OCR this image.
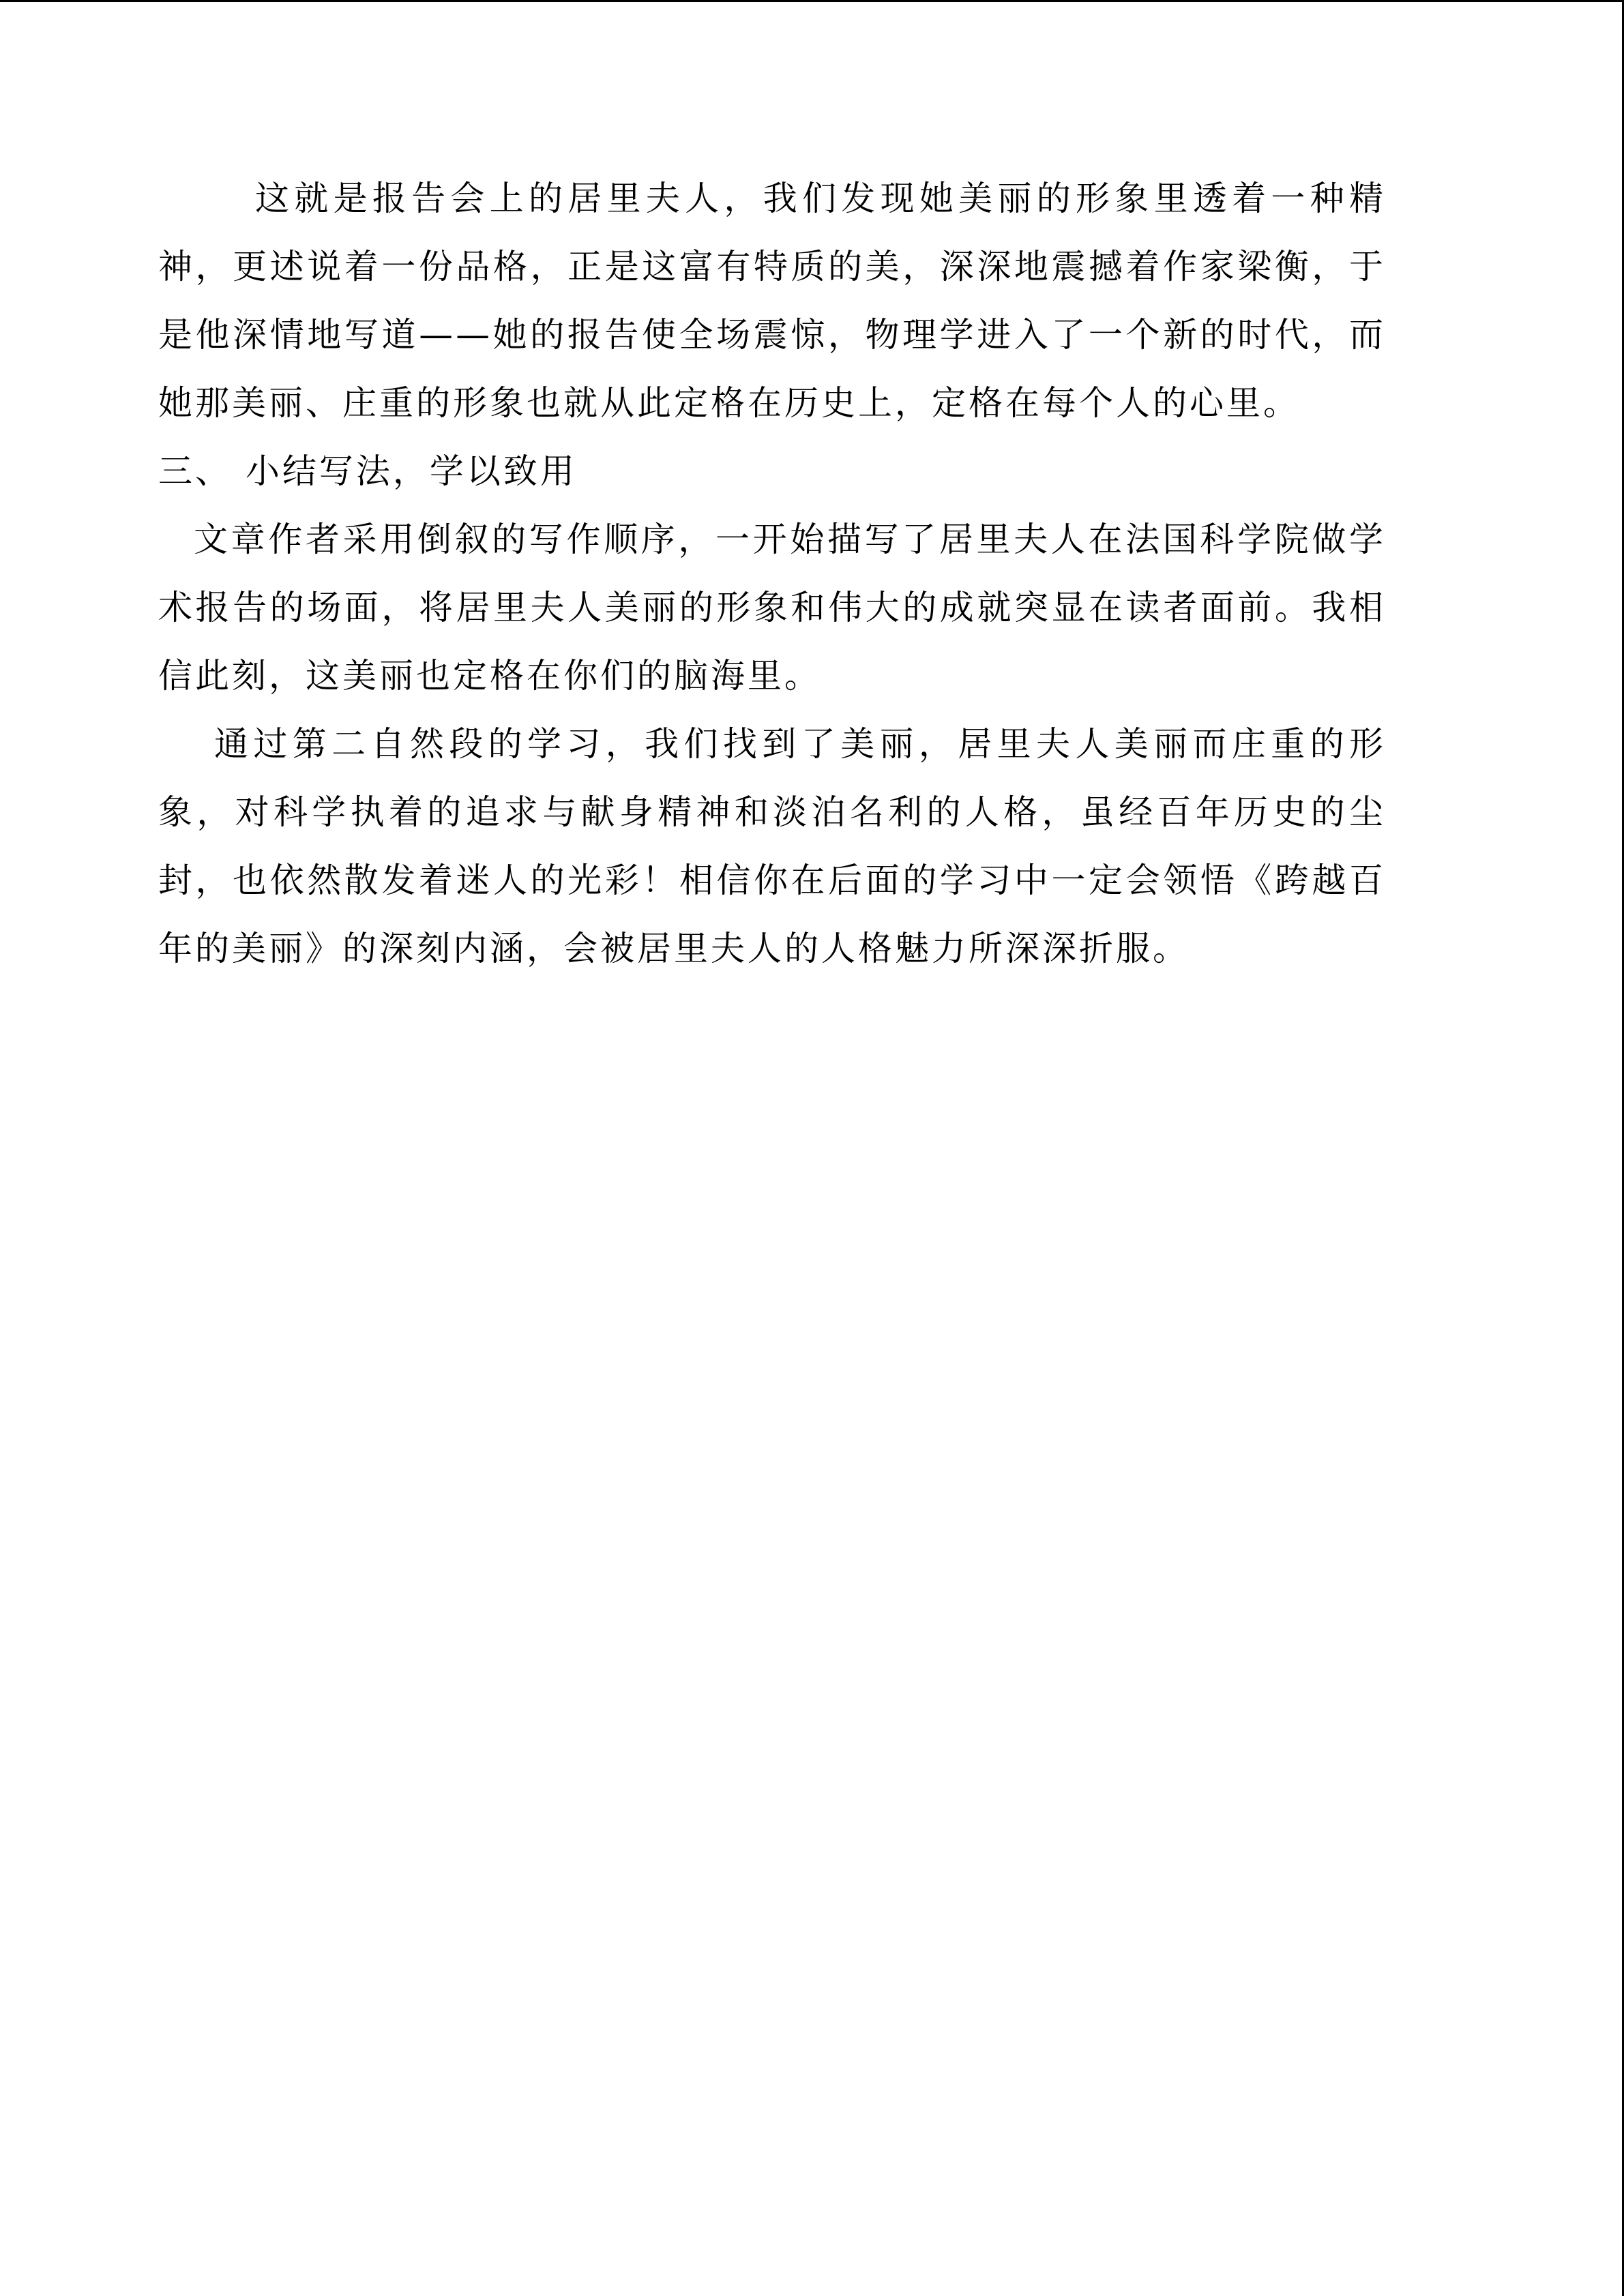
这就是报告会上的居里夫人，我们发现她美丽的形象里透着一种精神，更述说着一份品格，正是这富有特质的美，深深地震撼着作家梁衡，于是他深情地写道——她的报告使全场震惊，物理学进入了一个新的时代，而她那美丽、庄重的形象也就从此定格在历史上，定格在每个人的心里。

三、 小结写法，学以致用

文章作者采用倒叙的写作顺序，一开始描写了居里夫人在法国科学院做学术报告的场面，将居里夫人美丽的形象和伟大的成就突显在读者面前。我相信此刻，这美丽也定格在你们的脑海里。

通过第二自然段的学习，我们找到了美丽，居里夫人美丽而庄重的形象，对科学执着的追求与献身精神和淡泊名利的人格，虽经百年历史的尘封，也依然散发着迷人的光彩！相信你在后面的学习中一定会领悟《跨越百年的美丽》的深刻内涵，会被居里夫人的人格魅力所深深折服。
